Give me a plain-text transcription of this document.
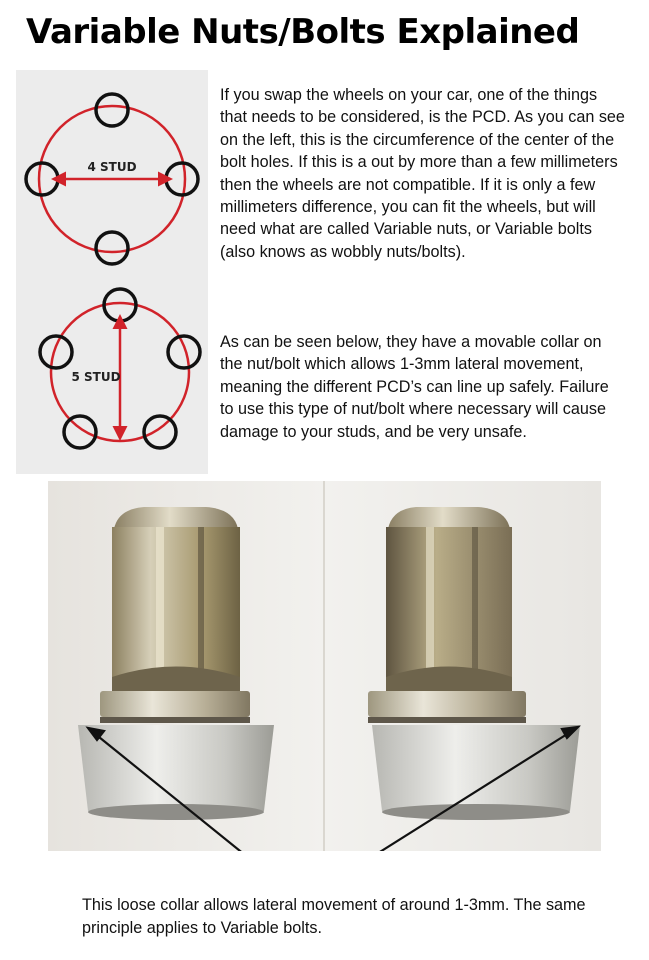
Variable Nuts/Bolts Explained
4 STUD
5 STUD
If you swap the wheels on your car, one of the things that needs to be considered, is the PCD. As you can see on the left, this is the circumference of the center of the bolt holes. If this is a out by more than a few millimeters then the wheels are not compatible. If it is only a few millimeters difference, you can fit the wheels, but will need what are called Variable nuts, or Variable bolts (also knows as wobbly nuts/bolts).
As can be seen below, they have a movable collar on the nut/bolt which allows 1-3mm lateral movement, meaning the different PCD’s can line up safely. Failure to use this type of nut/bolt where necessary will cause damage to your studs, and be very unsafe.
This loose collar allows lateral movement of around 1-3mm. The same principle applies to Variable bolts.
